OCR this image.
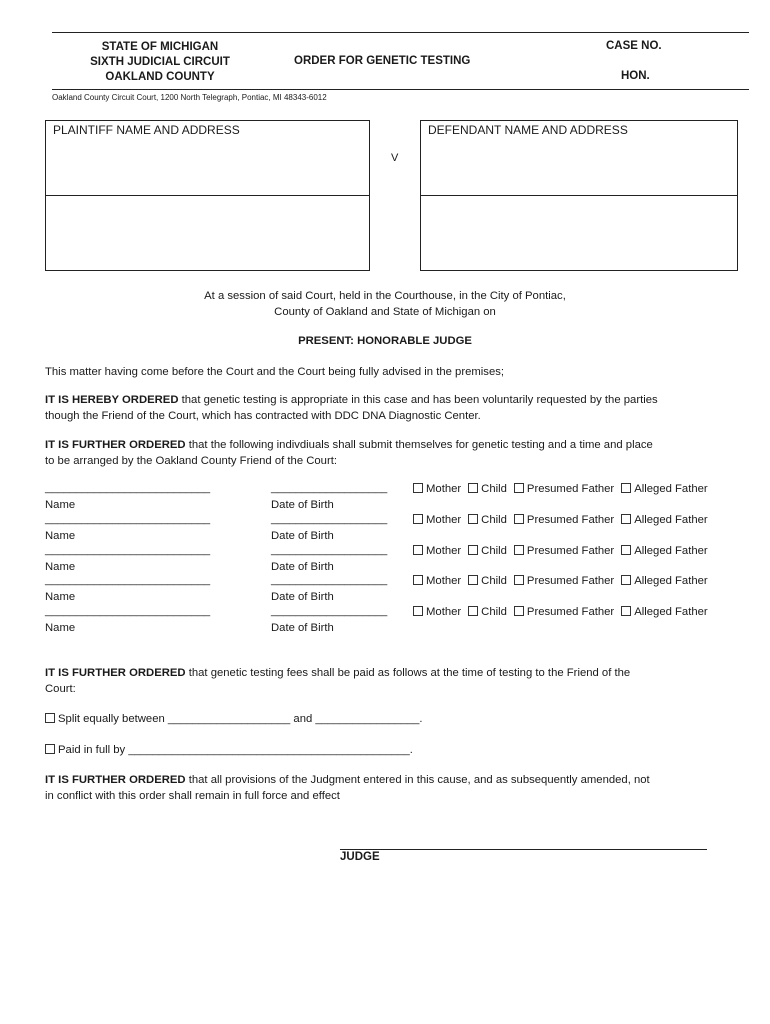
STATE OF MICHIGAN
SIXTH JUDICIAL CIRCUIT
OAKLAND COUNTY
ORDER FOR GENETIC TESTING
CASE NO.
HON.
Oakland County Circuit Court, 1200 North Telegraph, Pontiac, MI 48343-6012
PLAINTIFF NAME AND ADDRESS
V
DEFENDANT NAME AND ADDRESS
At a session of said Court, held in the Courthouse, in the City of Pontiac,
County of Oakland and State of Michigan on
PRESENT: HONORABLE JUDGE
This matter having come before the Court and the Court being fully advised in the premises;
IT IS HEREBY ORDERED that genetic testing is appropriate in this case and has been voluntarily requested by the parties
though the Friend of the Court, which has contracted with DDC DNA Diagnostic Center.
IT IS FURTHER ORDERED that the following indivdiuals shall submit themselves for genetic testing and a time and place
to be arranged by the Oakland County Friend of the Court:
___________________________	___________________	Mother Child Presumed Father Alleged Father
Name	Date of Birth
___________________________	___________________	Mother Child Presumed Father Alleged Father
Name	Date of Birth
___________________________	___________________	Mother Child Presumed Father Alleged Father
Name	Date of Birth
___________________________	___________________	Mother Child Presumed Father Alleged Father
Name	Date of Birth
___________________________	___________________	Mother Child Presumed Father Alleged Father
Name	Date of Birth
IT IS FURTHER ORDERED that genetic testing fees shall be paid as follows at the time of testing to the Friend of the
Court:
Split equally between ____________________ and _________________.
Paid in full by ______________________________________________.
IT IS FURTHER ORDERED that all provisions of the Judgment entered in this cause, and as subsequently amended, not
in conflict with this order shall remain in full force and effect
JUDGE
